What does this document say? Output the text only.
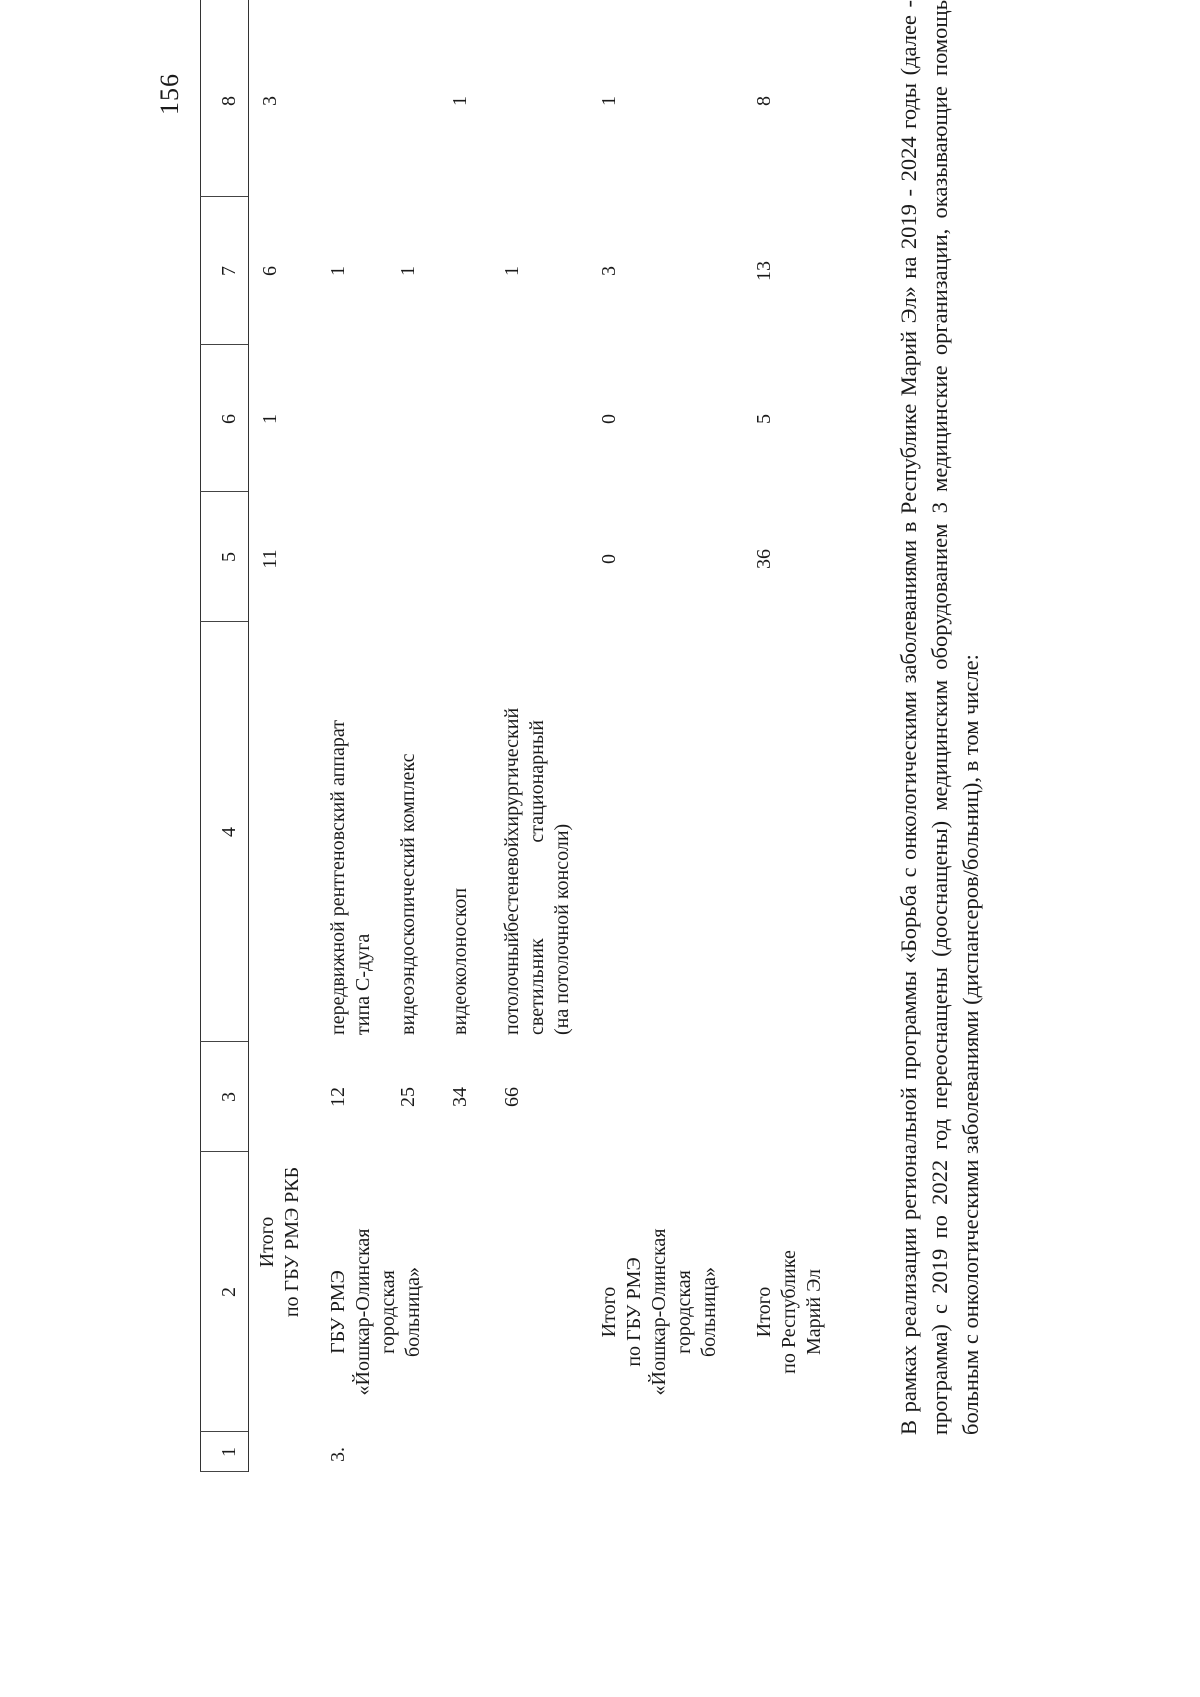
156
1
2
3
4
5
6
7
8
Итого по ГБУ РМЭ РКБ
11
1
6
3
3.
ГБУ РМЭ «Йошкар-Олинская городская больница»
12
передвижной
рентгеновский
аппарат
типа С-дуга
1
25
видеоэндоскопический комплекс
1
34
видеоколоноскоп
1
66
потолочный
бестеневой
хирургический
светильник
стационарный
(на потолочной консоли)
1
Итого по ГБУ РМЭ «Йошкар-Олинская городская больница»
0
0
3
1
Итого по Республике Марий Эл
36
5
13
8	В рамках реализации региональной программы «Борьба с онкологическими заболеваниями в Республике Марий Эл» на 2019 - 2024 годы (далее - программа) с 2019 по 2022 год переоснащены (дооснащены) медицинским оборудованием 3 медицинские организации, оказывающие помощь больным с онкологическими заболеваниями (диспансеров/больниц), в том числе:
